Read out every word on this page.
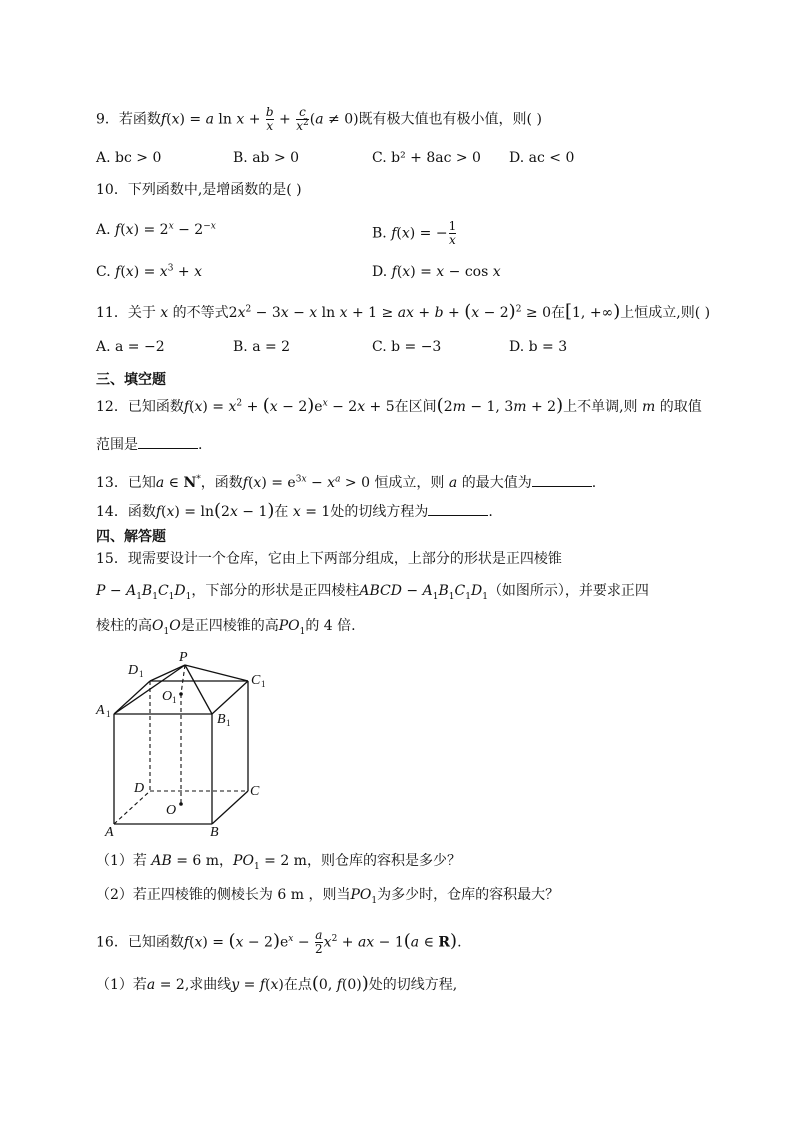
9．若函数f(x) = a $\ln x + \frac{b}{x} + \frac{c}{x^2} (a \ne 0)$既有极大值也有极小值，则( )
A. bc > 0	B. ab > 0	C. b² + 8ac > 0 D. ac < 0
10．下列函数中,是增函数的是( )
A. $f(x) = 2^x - 2^{-x}$	B. f(x) = − $\frac{1}{x}$
C. $f(x) = x^3 + x$	D. f(x) = x − cos x
11．关于 x 的不等式$2x^2 - 3x - x$ ln x + 1 ≥ ax + $b + (x - 2)^2 \ge 0$在[1, +∞)上恒成立,则( )
A. a = −2	B. a = 2	C. b = −3	D. b = 3
三、填空题
12．已知函数$f(x) = x^2 + (x - 2)e^x - 2x + 5$在区间(2m − 1, 3m + 2)上不单调,则 m 的取值
范围是	.
13．已知a ∈ N*，函数$f(x) = e^{3x} - x^a > 0$ 恒成立，则 a 的最大值为	.
14．函数f(x) = ln(2x − 1)在 x = 1处的切线方程为	.
四、解答题
15．现需要设计一个仓库，它由上下两部分组成，上部分的形状是正四棱锥
$P - A_1B_1C_1D_1$，下部分的形状是正四棱柱ABCD − $A_1B_1C_1D_1$（如图所示），并要求正四
棱柱的高$O_1O$是正四棱锥的高$PO_1$的 4 倍.
P
D 1	C 1
A 1	B 1
O 1
D	C
A	B
O
（1）若 AB = 6 m，$PO_1 = 2$ m，则仓库的容积是多少？
（2）若正四棱锥的侧棱长为 6 m ，则当$PO_1$为多少时，仓库的容积最大？
16．已知函数$f(x) = (x - 2)e^x - \frac{a}{2} x^2$ + ax − 1(a ∈ R).
（1）若a = 2,求曲线y = f(x)在点(0, f(0))处的切线方程,
